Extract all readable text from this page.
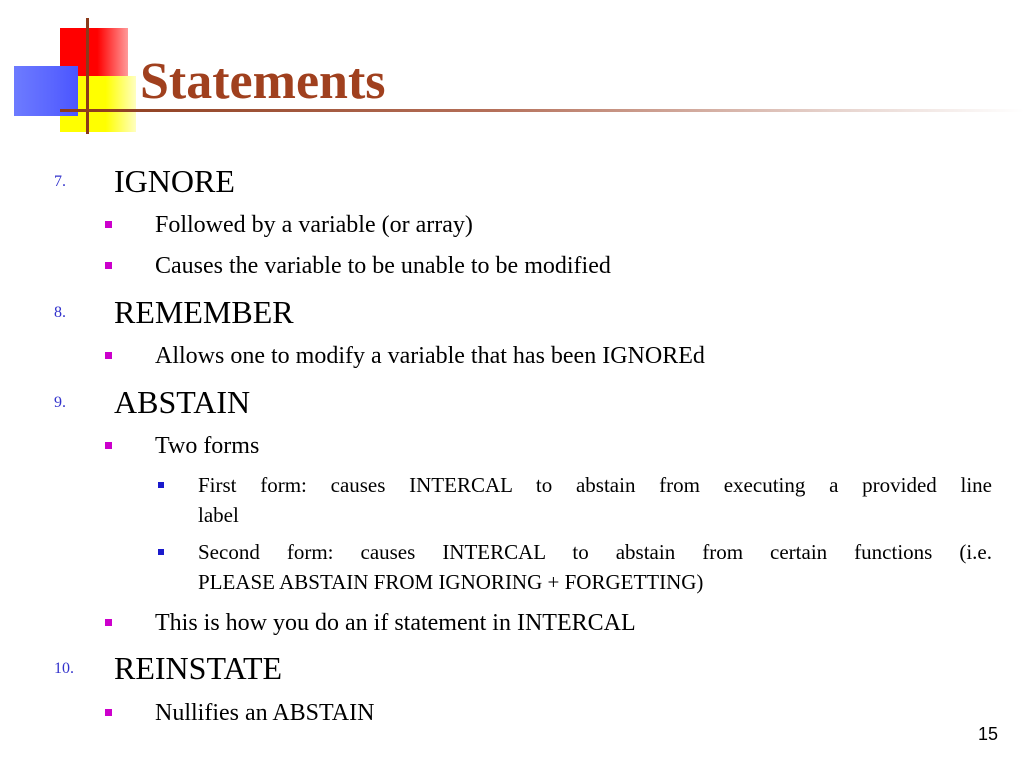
Statements
7. IGNORE
Followed by a variable (or array)
Causes the variable to be unable to be modified
8. REMEMBER
Allows one to modify a variable that has been IGNOREd
9. ABSTAIN
Two forms
First form: causes INTERCAL to abstain from executing a provided line
label
Second form: causes INTERCAL to abstain from certain functions (i.e.
PLEASE ABSTAIN FROM IGNORING + FORGETTING)
This is how you do an if statement in INTERCAL
10. REINSTATE
Nullifies an ABSTAIN
15
